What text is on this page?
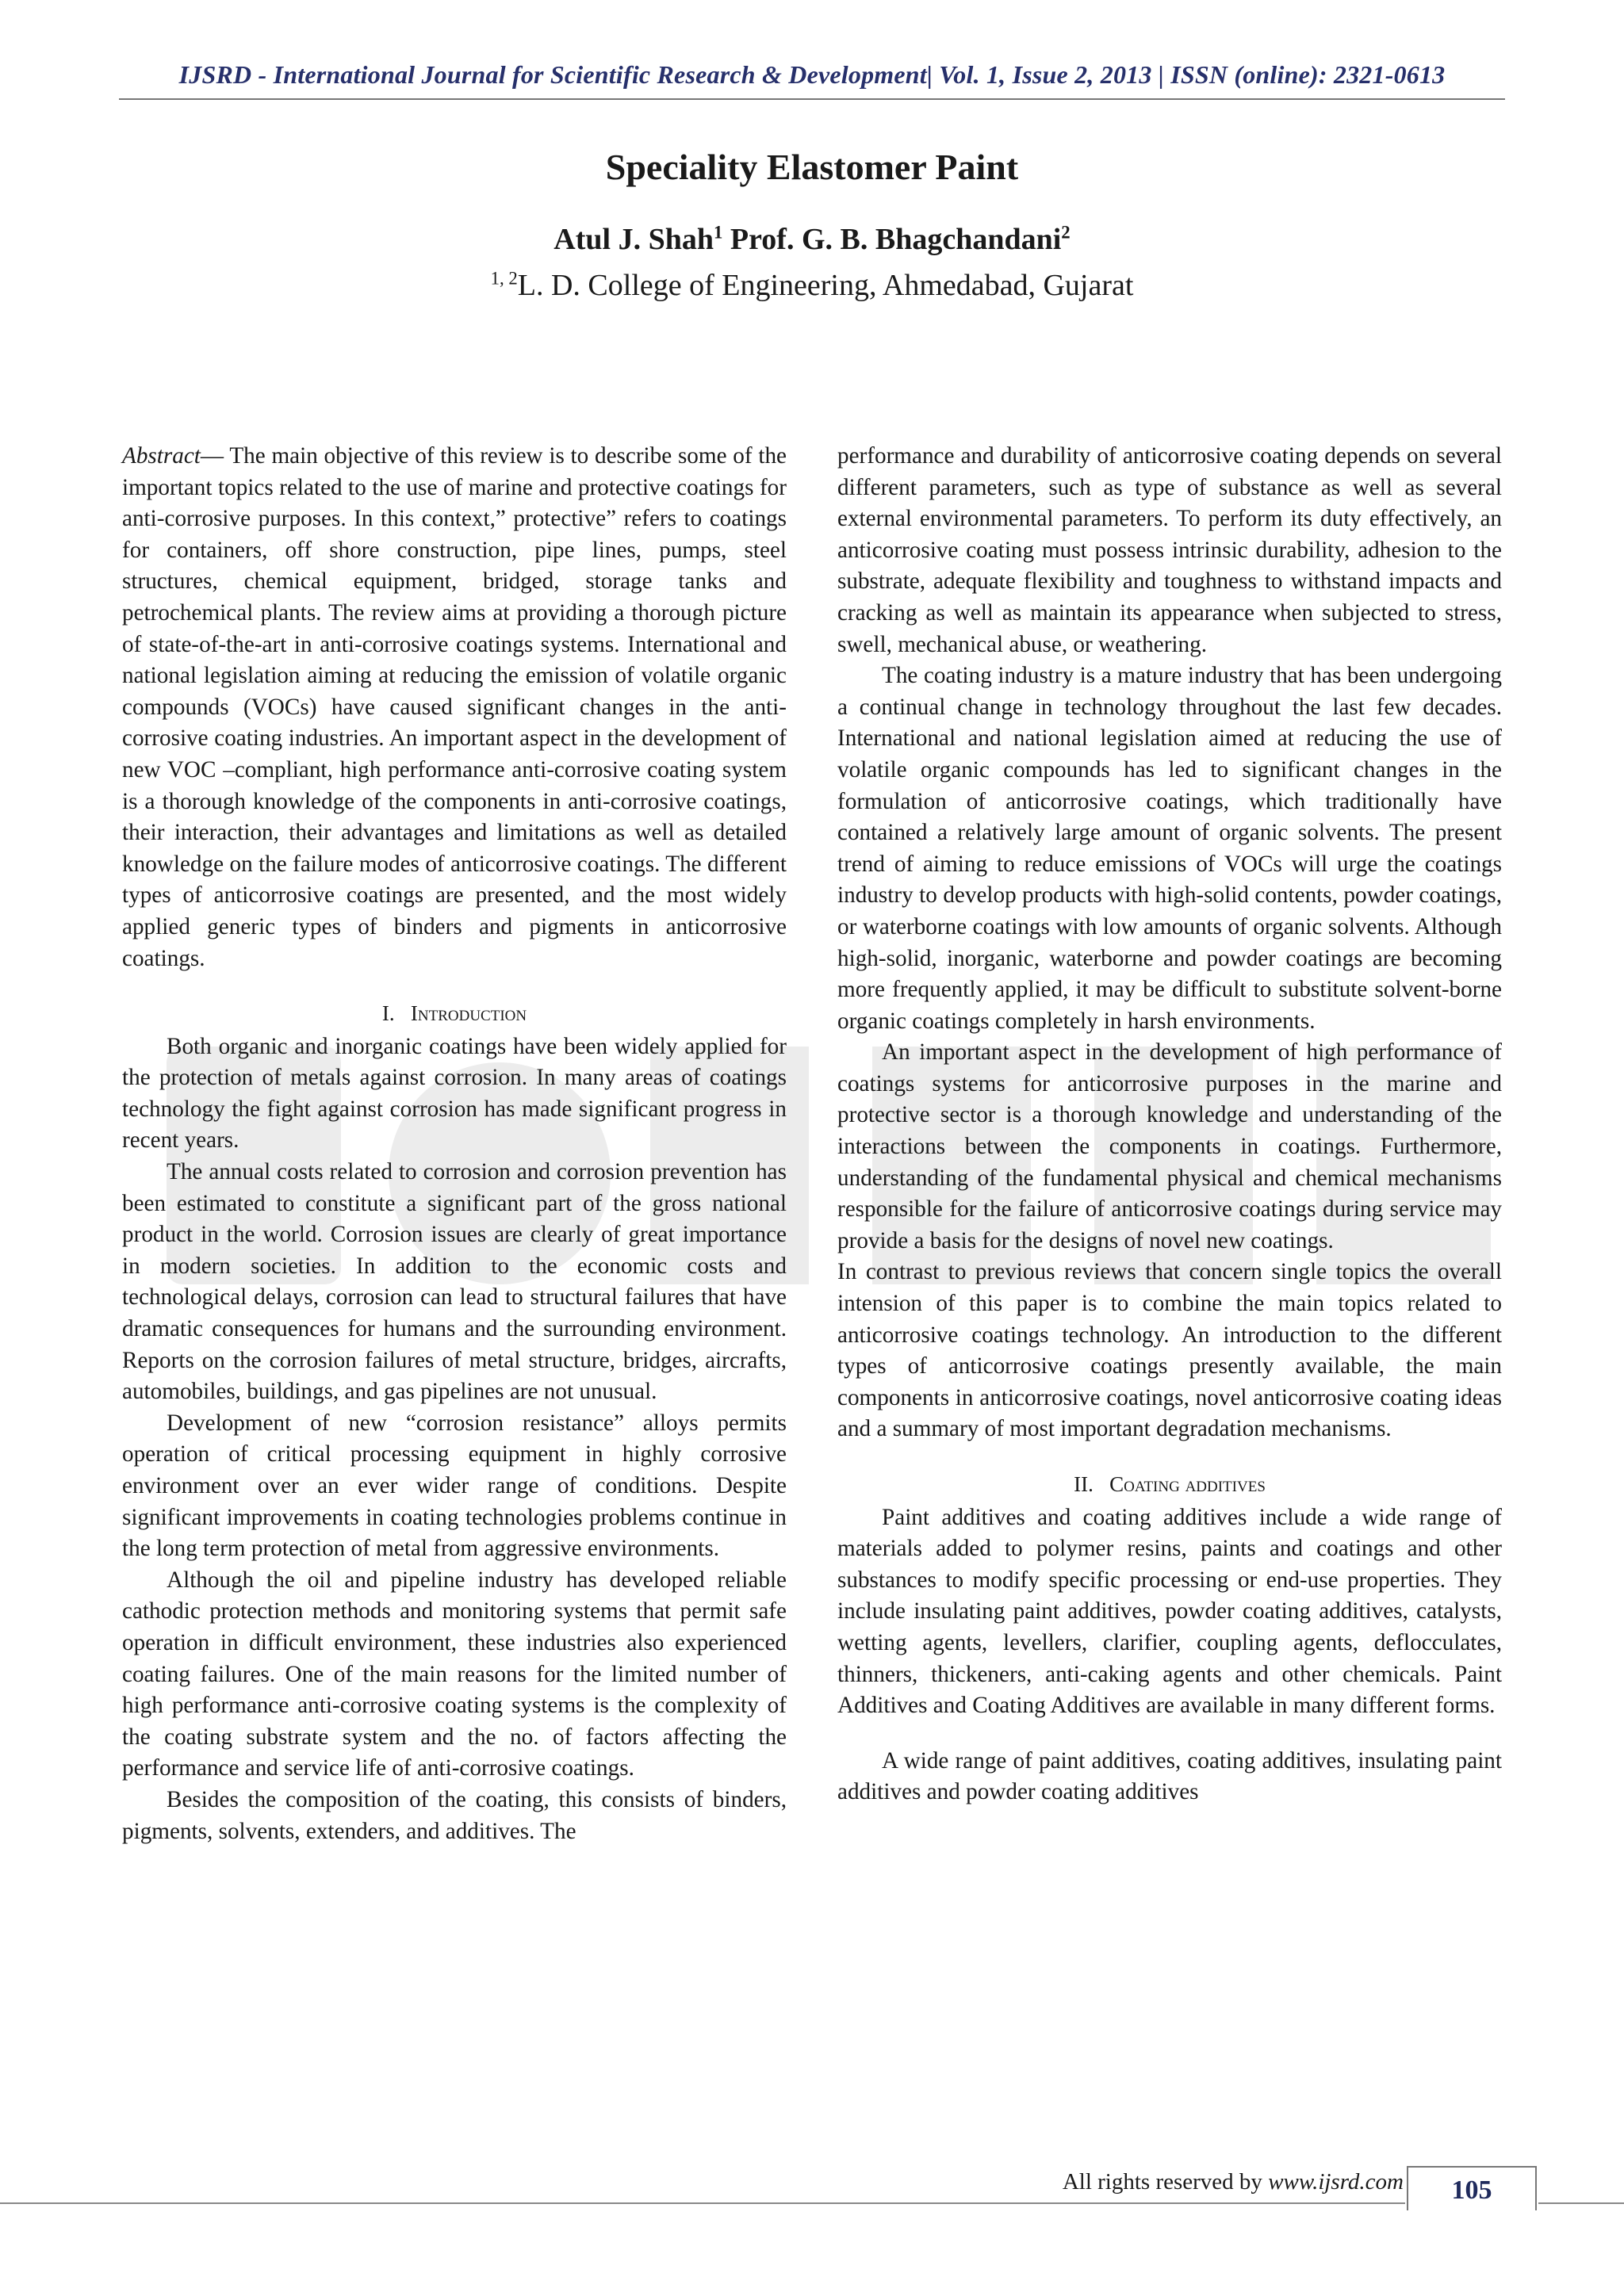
IJSRD - International Journal for Scientific Research & Development| Vol. 1, Issue 2, 2013 | ISSN (online): 2321-0613
Speciality Elastomer Paint
Atul J. Shah$^1$ Prof. G. B. Bhagchandani$^2$
$^{1, 2}$L. D. College of Engineering, Ahmedabad, Gujarat

Abstract— The main objective of this review is to describe some of the important topics related to the use of marine and protective coatings for anti-corrosive purposes. In this context,” protective” refers to coatings for containers, off shore construction, pipe lines, pumps, steel structures, chemical equipment, bridged, storage tanks and petrochemical plants. The review aims at providing a thorough picture of state-of-the-art in anti-corrosive coatings systems. International and national legislation aiming at reducing the emission of volatile organic compounds (VOCs) have caused significant changes in the anti-corrosive coating industries. An important aspect in the development of new VOC –compliant, high performance anti-corrosive coating system is a thorough knowledge of the components in anti-corrosive coatings, their interaction, their advantages and limitations as well as detailed knowledge on the failure modes of anticorrosive coatings. The different types of anticorrosive coatings are presented, and the most widely applied generic types of binders and pigments in anticorrosive coatings.

I. Introduction

Both organic and inorganic coatings have been widely applied for the protection of metals against corrosion. In many areas of coatings technology the fight against corrosion has made significant progress in recent years.

The annual costs related to corrosion and corrosion prevention has been estimated to constitute a significant part of the gross national product in the world. Corrosion issues are clearly of great importance in modern societies. In addition to the economic costs and technological delays, corrosion can lead to structural failures that have dramatic consequences for humans and the surrounding environment. Reports on the corrosion failures of metal structure, bridges, aircrafts, automobiles, buildings, and gas pipelines are not unusual.

Development of new “corrosion resistance” alloys permits operation of critical processing equipment in highly corrosive environment over an ever wider range of conditions. Despite significant improvements in coating technologies problems continue in the long term protection of metal from aggressive environments.

Although the oil and pipeline industry has developed reliable cathodic protection methods and monitoring systems that permit safe operation in difficult environment, these industries also experienced coating failures. One of the main reasons for the limited number of high performance anti-corrosive coating systems is the complexity of the coating substrate system and the no. of factors affecting the performance and service life of anti-corrosive coatings.

Besides the composition of the coating, this consists of binders, pigments, solvents, extenders, and additives. The

performance and durability of anticorrosive coating depends on several different parameters, such as type of substance as well as several external environmental parameters. To perform its duty effectively, an anticorrosive coating must possess intrinsic durability, adhesion to the substrate, adequate flexibility and toughness to withstand impacts and cracking as well as maintain its appearance when subjected to stress, swell, mechanical abuse, or weathering.

The coating industry is a mature industry that has been undergoing a continual change in technology throughout the last few decades. International and national legislation aimed at reducing the use of volatile organic compounds has led to significant changes in the formulation of anticorrosive coatings, which traditionally have contained a relatively large amount of organic solvents. The present trend of aiming to reduce emissions of VOCs will urge the coatings industry to develop products with high-solid contents, powder coatings, or waterborne coatings with low amounts of organic solvents. Although high-solid, inorganic, waterborne and powder coatings are becoming more frequently applied, it may be difficult to substitute solvent-borne organic coatings completely in harsh environments.

An important aspect in the development of high performance of coatings systems for anticorrosive purposes in the marine and protective sector is a thorough knowledge and understanding of the interactions between the components in coatings. Furthermore, understanding of the fundamental physical and chemical mechanisms responsible for the failure of anticorrosive coatings during service may provide a basis for the designs of novel new coatings.

In contrast to previous reviews that concern single topics the overall intension of this paper is to combine the main topics related to anticorrosive coatings technology. An introduction to the different types of anticorrosive coatings presently available, the main components in anticorrosive coatings, novel anticorrosive coating ideas and a summary of most important degradation mechanisms.

II. Coating additives

Paint additives and coating additives include a wide range of materials added to polymer resins, paints and coatings and other substances to modify specific processing or end-use properties. They include insulating paint additives, powder coating additives, catalysts, wetting agents, levellers, clarifier, coupling agents, deflocculates, thinners, thickeners, anti-caking agents and other chemicals. Paint Additives and Coating Additives are available in many different forms.

A wide range of paint additives, coating additives, insulating paint additives and powder coating additives

All rights reserved by www.ijsrd.com	105
